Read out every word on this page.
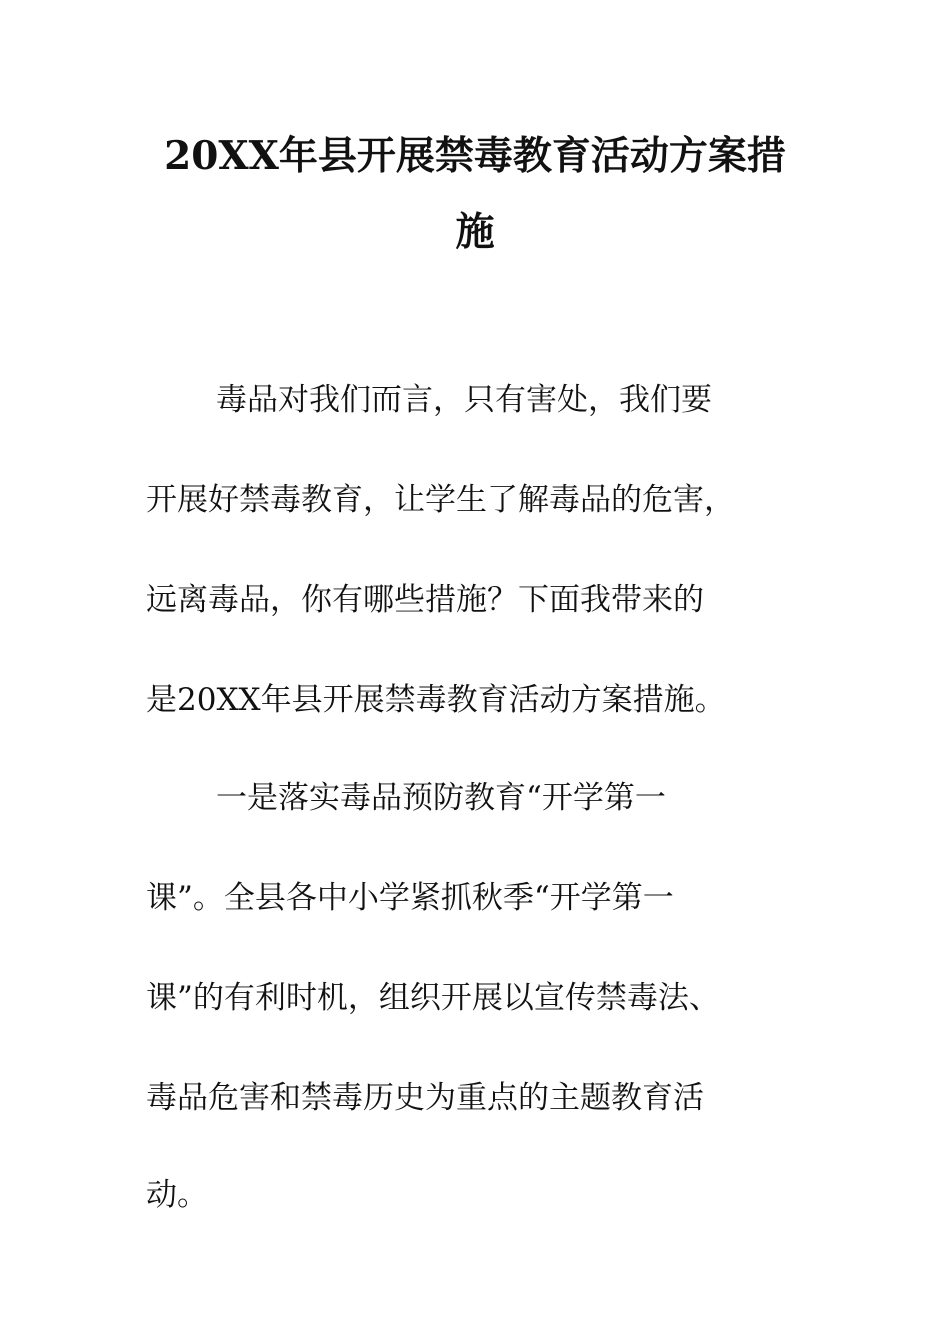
20XX年县开展禁毒教育活动方案措
施
毒品对我们而言，只有害处，我们要
开展好禁毒教育，让学生了解毒品的危害，
远离毒品，你有哪些措施？下面我带来的
是20XX年县开展禁毒教育活动方案措施。
一是落实毒品预防教育“开学第一
课”。全县各中小学紧抓秋季“开学第一
课”的有利时机，组织开展以宣传禁毒法、
毒品危害和禁毒历史为重点的主题教育活
动。
